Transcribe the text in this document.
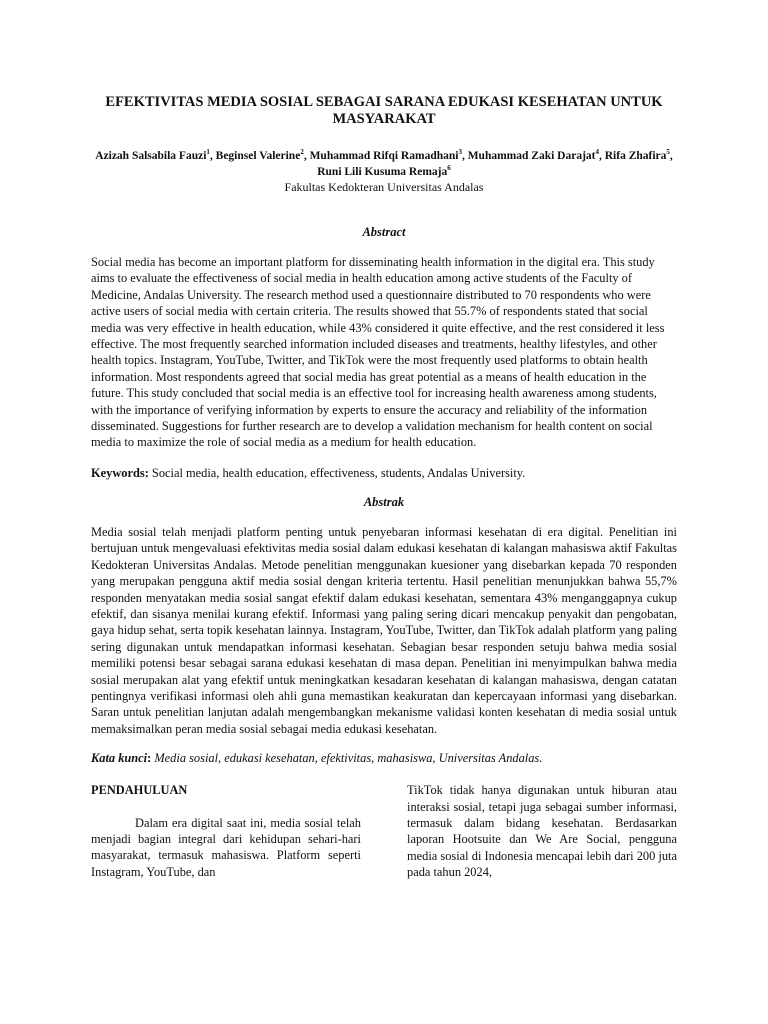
EFEKTIVITAS MEDIA SOSIAL SEBAGAI SARANA EDUKASI KESEHATAN UNTUK MASYARAKAT

Azizah Salsabila Fauzi$^1$, Beginsel Valerine$^2$, Muhammad Rifqi Ramadhani$^3$, Muhammad Zaki Darajat$^4$, Rifa Zhafira$^5$, Runi Lili Kusuma Remaja$^6$

Fakultas Kedokteran Universitas Andalas

Abstract

Social media has become an important platform for disseminating health information in the digital era. This study aims to evaluate the effectiveness of social media in health education among active students of the Faculty of Medicine, Andalas University. The research method used a questionnaire distributed to 70 respondents who were active users of social media with certain criteria. The results showed that 55.7% of respondents stated that social media was very effective in health education, while 43% considered it quite effective, and the rest considered it less effective. The most frequently searched information included diseases and treatments, healthy lifestyles, and other health topics. Instagram, YouTube, Twitter, and TikTok were the most frequently used platforms to obtain health information. Most respondents agreed that social media has great potential as a means of health education in the future. This study concluded that social media is an effective tool for increasing health awareness among students, with the importance of verifying information by experts to ensure the accuracy and reliability of the information disseminated. Suggestions for further research are to develop a validation mechanism for health content on social media to maximize the role of social media as a medium for health education.

Keywords: Social media, health education, effectiveness, students, Andalas University.

Abstrak

Media sosial telah menjadi platform penting untuk penyebaran informasi kesehatan di era digital. Penelitian ini bertujuan untuk mengevaluasi efektivitas media sosial dalam edukasi kesehatan di kalangan mahasiswa aktif Fakultas Kedokteran Universitas Andalas. Metode penelitian menggunakan kuesioner yang disebarkan kepada 70 responden yang merupakan pengguna aktif media sosial dengan kriteria tertentu. Hasil penelitian menunjukkan bahwa 55,7% responden menyatakan media sosial sangat efektif dalam edukasi kesehatan, sementara 43% menganggapnya cukup efektif, dan sisanya menilai kurang efektif. Informasi yang paling sering dicari mencakup penyakit dan pengobatan, gaya hidup sehat, serta topik kesehatan lainnya. Instagram, YouTube, Twitter, dan TikTok adalah platform yang paling sering digunakan untuk mendapatkan informasi kesehatan. Sebagian besar responden setuju bahwa media sosial memiliki potensi besar sebagai sarana edukasi kesehatan di masa depan. Penelitian ini menyimpulkan bahwa media sosial merupakan alat yang efektif untuk meningkatkan kesadaran kesehatan di kalangan mahasiswa, dengan catatan pentingnya verifikasi informasi oleh ahli guna memastikan keakuratan dan kepercayaan informasi yang disebarkan. Saran untuk penelitian lanjutan adalah mengembangkan mekanisme validasi konten kesehatan di media sosial untuk memaksimalkan peran media sosial sebagai media edukasi kesehatan.

Kata kunci: Media sosial, edukasi kesehatan, efektivitas, mahasiswa, Universitas Andalas.

PENDAHULUAN

Dalam era digital saat ini, media sosial telah menjadi bagian integral dari kehidupan sehari-hari masyarakat, termasuk mahasiswa. Platform seperti Instagram, YouTube, dan

TikTok tidak hanya digunakan untuk hiburan atau interaksi sosial, tetapi juga sebagai sumber informasi, termasuk dalam bidang kesehatan. Berdasarkan laporan Hootsuite dan We Are Social, pengguna media sosial di Indonesia mencapai lebih dari 200 juta pada tahun 2024,
